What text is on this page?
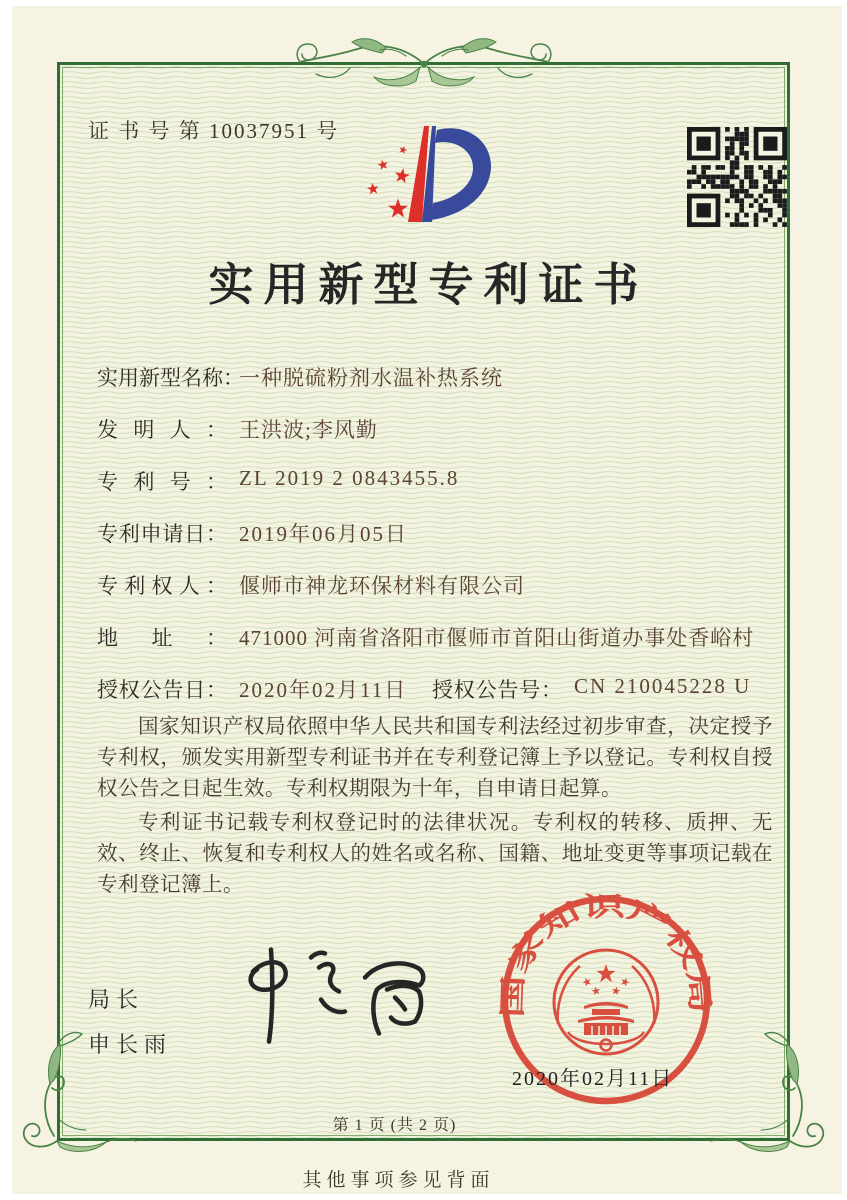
证 书 号 第 10037951 号
实用新型专利证书
实用新型名称：一种脱硫粉剂水温补热系统
发明人： 王洪波;李风勤
专利号： ZL 2019 2 0843455.8
专利申请日： 2019年06月05日
专利权人： 偃师市神龙环保材料有限公司
地址： 471000 河南省洛阳市偃师市首阳山街道办事处香峪村
授权公告日： 2020年02月11日 授权公告号： CN 210045228 U

国家知识产权局依照中华人民共和国专利法经过初步审查，决定授予专利权，颁发实用新型专利证书并在专利登记簿上予以登记。专利权自授权公告之日起生效。专利权期限为十年，自申请日起算。

专利证书记载专利权登记时的法律状况。专利权的转移、质押、无效、终止、恢复和专利权人的姓名或名称、国籍、地址变更等事项记载在专利登记簿上。

局长
申长雨
国家知识产权局
2020年02月11日
第 1 页 (共 2 页)
其他事项参见背面
